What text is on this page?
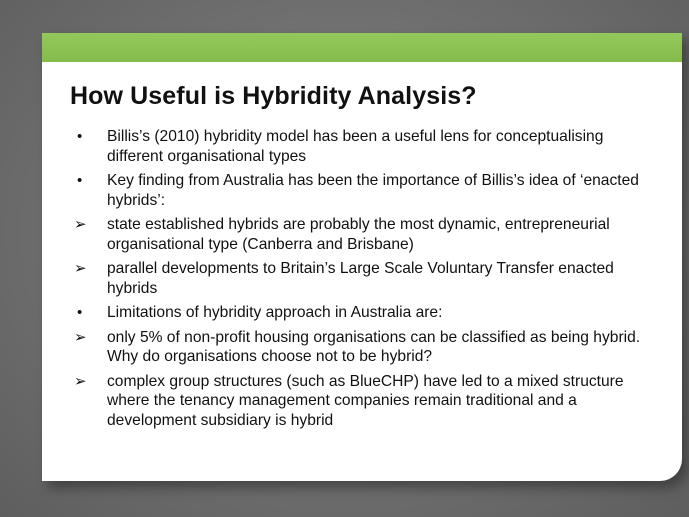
How Useful is Hybridity Analysis?
•	Billis’s (2010) hybridity model has been a useful lens for conceptualising different organisational types
•	Key finding from Australia has been the importance of Billis’s idea of ‘enacted hybrids’:
➢	state established hybrids are probably the most dynamic, entrepreneurial organisational type (Canberra and Brisbane)
➢	parallel developments to Britain’s Large Scale Voluntary Transfer enacted hybrids
•	Limitations of hybridity approach in Australia are:
➢	only 5% of non-profit housing organisations can be classified as being hybrid. Why do organisations choose not to be hybrid?
➢	complex group structures (such as BlueCHP) have led to a mixed structure where the tenancy management companies remain traditional and a development subsidiary is hybrid
